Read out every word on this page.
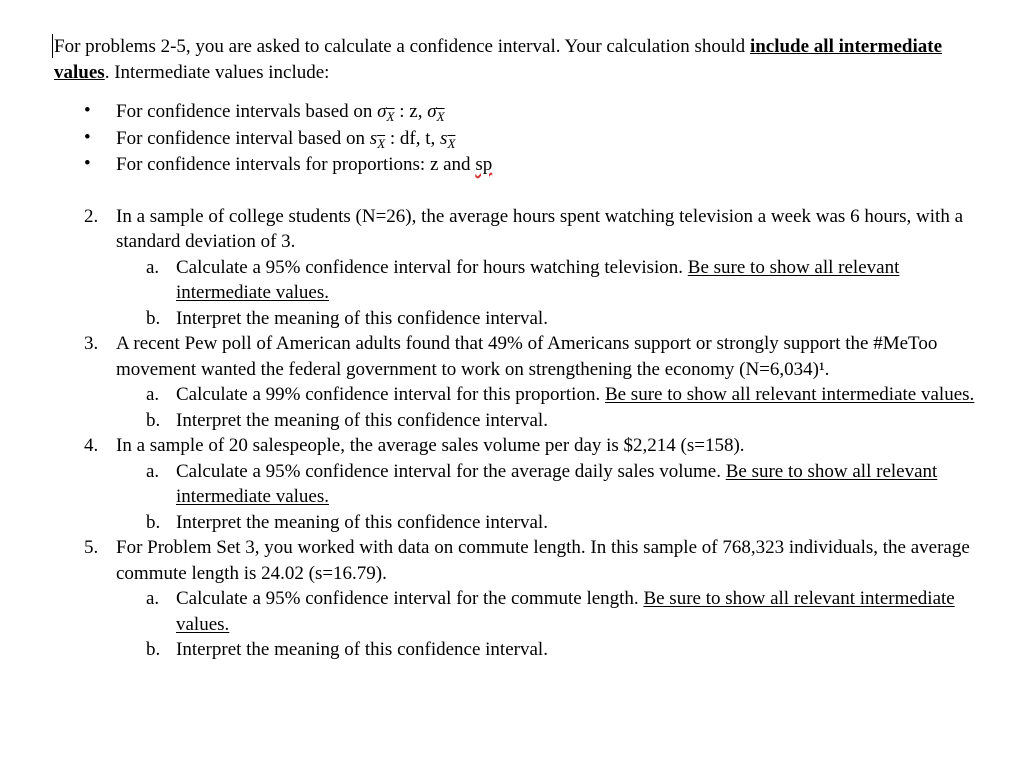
For problems 2-5, you are asked to calculate a confidence interval. Your calculation should include all intermediate values. Intermediate values include:

• For confidence intervals based on $\sigma_{\overline{X}}$ : z, $\sigma_{\overline{X}}$
• For confidence interval based on $s_{\overline{X}}$ : df, t, $s_{\overline{X}}$
• For confidence intervals for proportions: z and sp
2. In a sample of college students (N=26), the average hours spent watching television a week was 6 hours, with a standard deviation of 3.
a. Calculate a 95% confidence interval for hours watching television. Be sure to show all relevant intermediate values.
b. Interpret the meaning of this confidence interval.
3. A recent Pew poll of American adults found that 49% of Americans support or strongly support the #MeToo movement wanted the federal government to work on strengthening the economy (N=6,034)¹.
a. Calculate a 99% confidence interval for this proportion. Be sure to show all relevant intermediate values.
b. Interpret the meaning of this confidence interval.
4. In a sample of 20 salespeople, the average sales volume per day is $2,214 (s=158).
a. Calculate a 95% confidence interval for the average daily sales volume. Be sure to show all relevant intermediate values.
b. Interpret the meaning of this confidence interval.
5. For Problem Set 3, you worked with data on commute length. In this sample of 768,323 individuals, the average commute length is 24.02 (s=16.79).
a. Calculate a 95% confidence interval for the commute length. Be sure to show all relevant intermediate values.
b. Interpret the meaning of this confidence interval.
